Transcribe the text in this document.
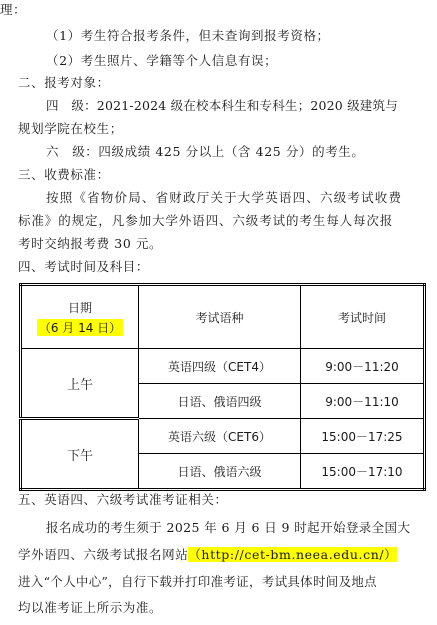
理：
（1）考生符合报考条件，但未查询到报考资格；
（2）考生照片、学籍等个人信息有误；
二、报考对象：
四　级：2021-2024 级在校本科生和专科生；2020 级建筑与
规划学院在校生；
六　级：四级成绩 425 分以上（含 425 分）的考生。
三、收费标准：
按照《省物价局、省财政厅关于大学英语四、六级考试收费
标准》的规定，凡参加大学外语四、六级考试的考生每人每次报
考时交纳报考费 30 元。
四、考试时间及科目：
日期
（6 月 14 日）	考试语种	考试时间
上午	英语四级（CET4）	9:00－11:20
	日语、俄语四级	9:00－11:10
下午	英语六级（CET6）	15:00－17:25
	日语、俄语六级	15:00－17:10
五、英语四、六级考试准考证相关：
报名成功的考生须于 2025 年 6 月 6 日 9 时起开始登录全国大
学外语四、六级考试报名网站（http://cet-bm.neea.edu.cn/）
进入“个人中心”，自行下载并打印准考证，考试具体时间及地点
均以准考证上所示为准。
